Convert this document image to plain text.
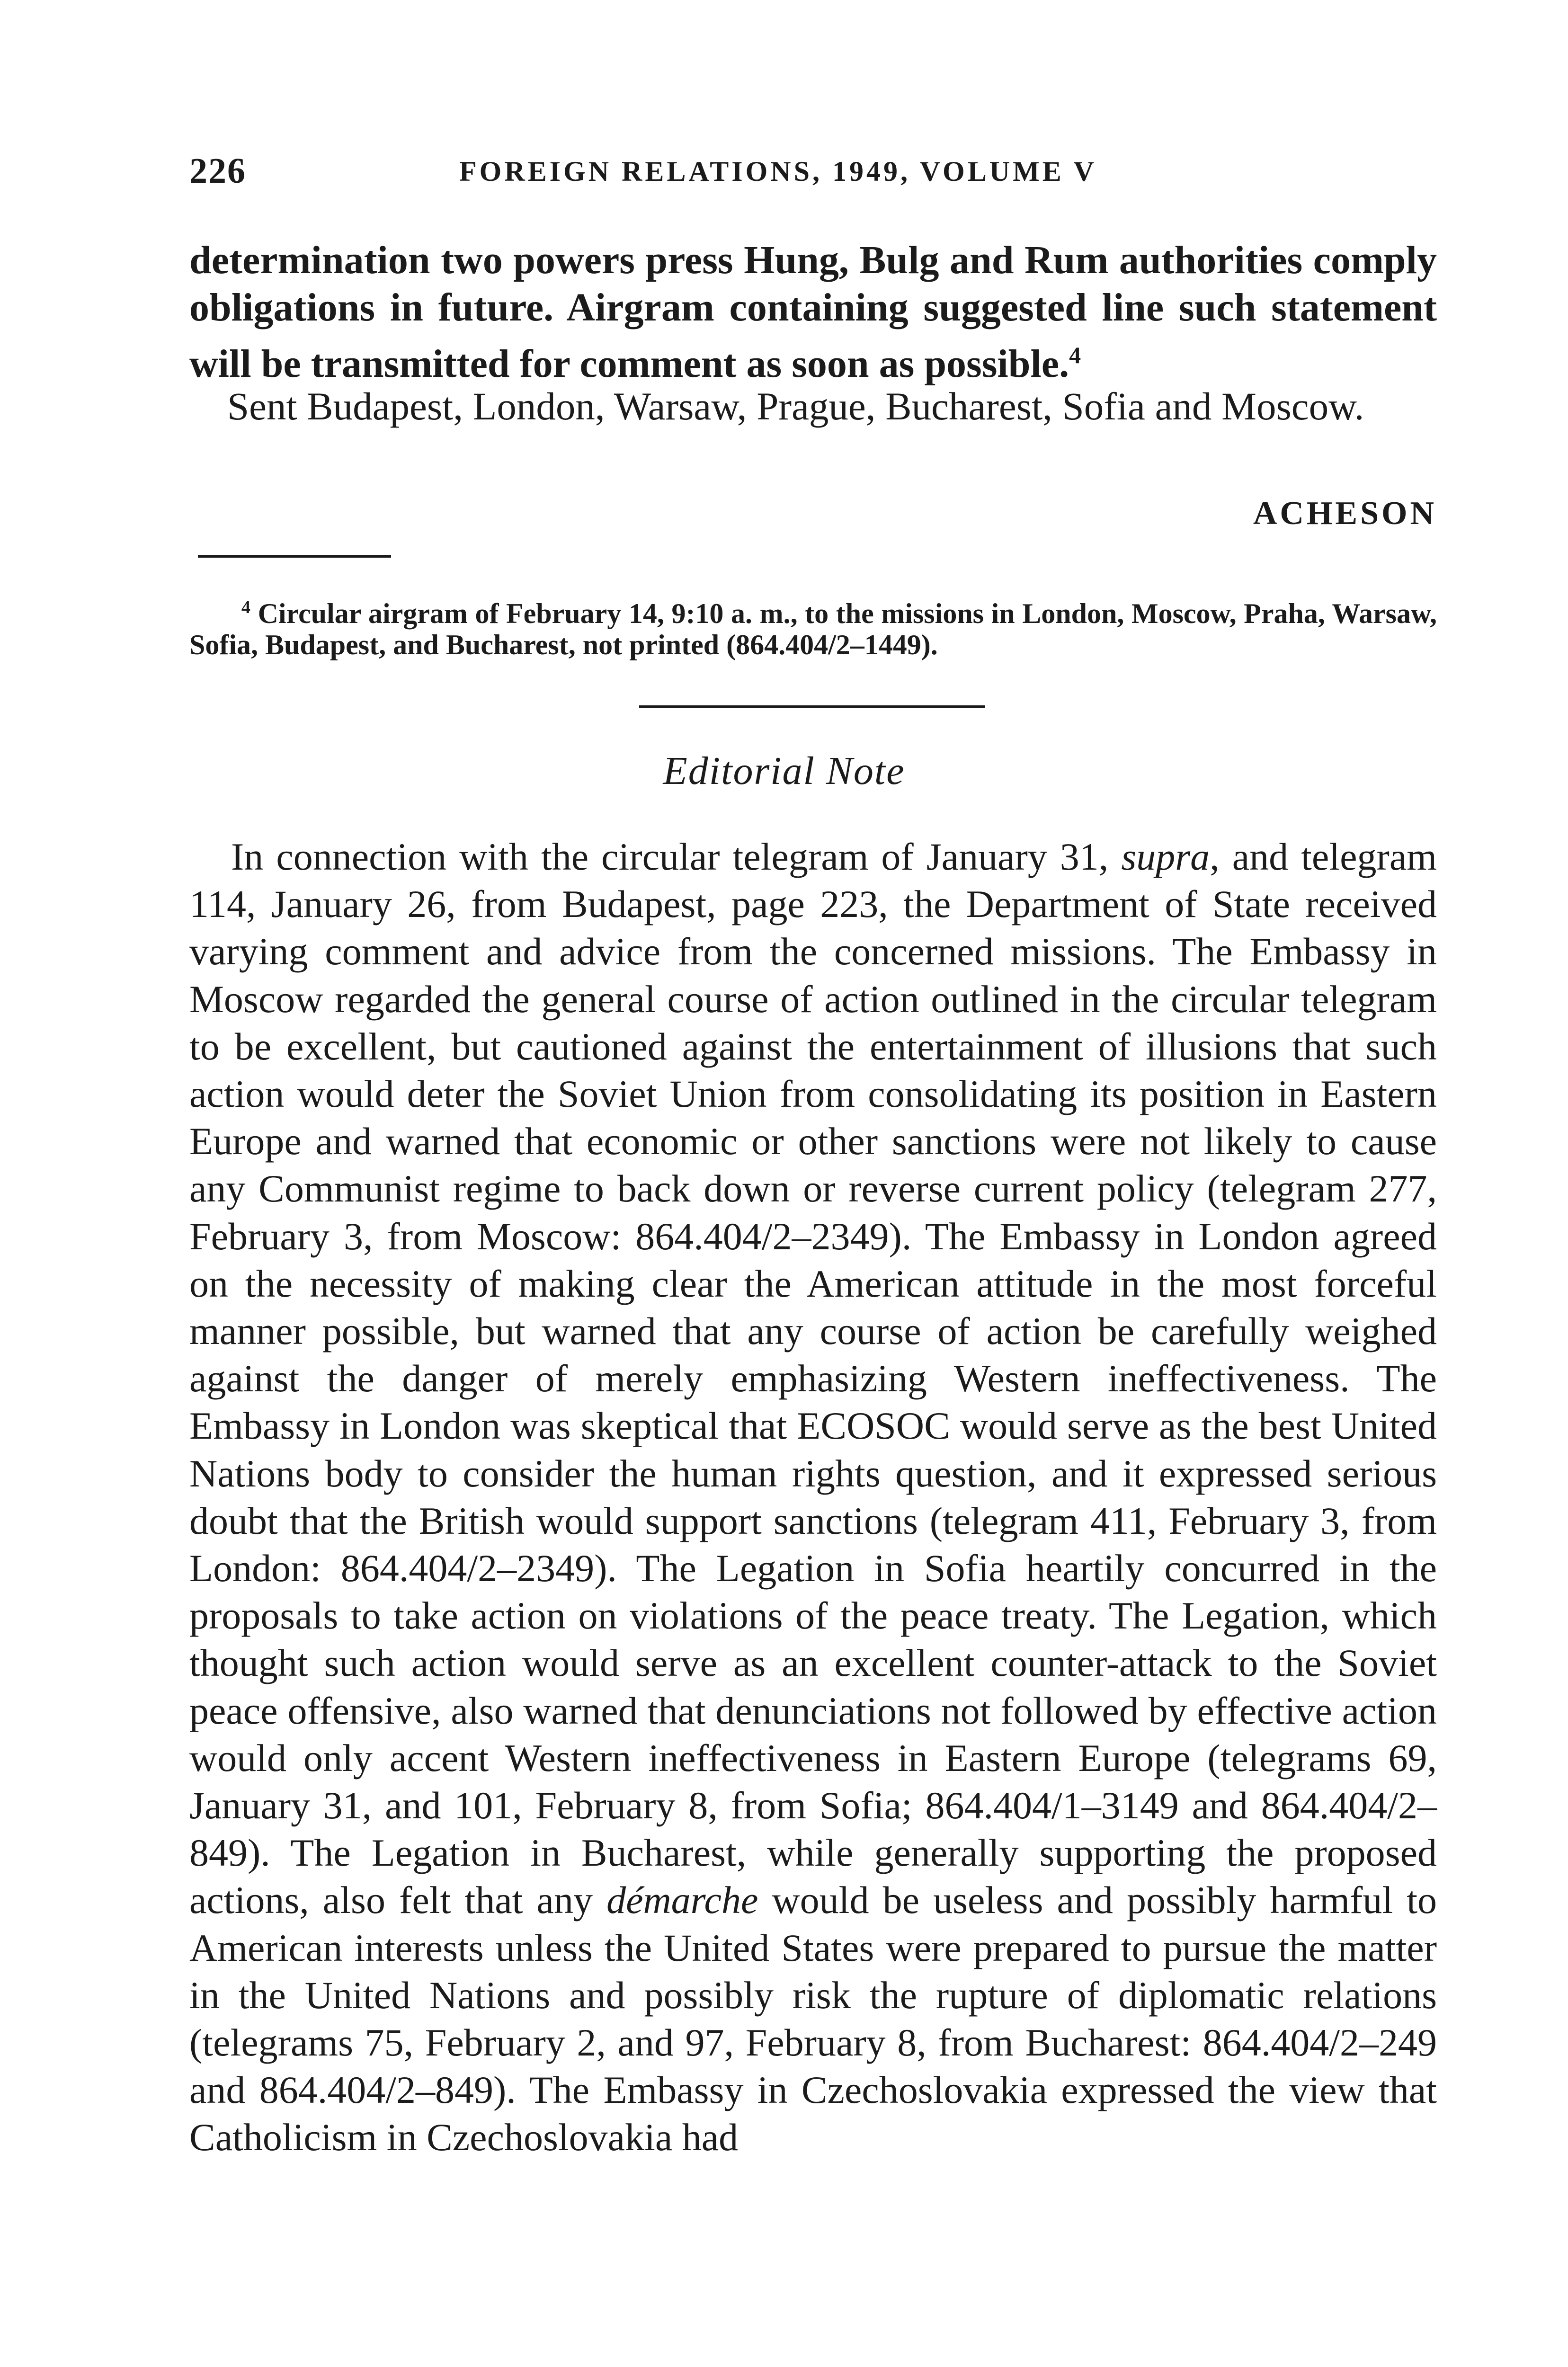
226	FOREIGN RELATIONS, 1949, VOLUME V
determination two powers press Hung, Bulg and Rum authorities comply obligations in future. Airgram containing suggested line such statement will be transmitted for comment as soon as possible.$^4$
Sent Budapest, London, Warsaw, Prague, Bucharest, Sofia and Moscow.
ACHESON
$^4$ Circular airgram of February 14, 9:10 a. m., to the missions in London, Moscow, Praha, Warsaw, Sofia, Budapest, and Bucharest, not printed (864.404/2–1449).
Editorial Note
In connection with the circular telegram of January 31, supra, and telegram 114, January 26, from Budapest, page 223, the Department of State received varying comment and advice from the concerned missions. The Embassy in Moscow regarded the general course of action outlined in the circular telegram to be excellent, but cautioned against the entertainment of illusions that such action would deter the Soviet Union from consolidating its position in Eastern Europe and warned that economic or other sanctions were not likely to cause any Communist regime to back down or reverse current policy (telegram 277, February 3, from Moscow: 864.404/2–2349). The Embassy in London agreed on the necessity of making clear the American attitude in the most forceful manner possible, but warned that any course of action be carefully weighed against the danger of merely emphasizing Western ineffectiveness. The Embassy in London was skeptical that ECOSOC would serve as the best United Nations body to consider the human rights question, and it expressed serious doubt that the British would support sanctions (telegram 411, February 3, from London: 864.404/2–2349). The Legation in Sofia heartily concurred in the proposals to take action on violations of the peace treaty. The Legation, which thought such action would serve as an excellent counter-attack to the Soviet peace offensive, also warned that denunciations not followed by effective action would only accent Western ineffectiveness in Eastern Europe (telegrams 69, January 31, and 101, February 8, from Sofia; 864.404/1–3149 and 864.404/2–849). The Legation in Bucharest, while generally supporting the proposed actions, also felt that any démarche would be useless and possibly harmful to American interests unless the United States were prepared to pursue the matter in the United Nations and possibly risk the rupture of diplomatic relations (telegrams 75, February 2, and 97, February 8, from Bucharest: 864.404/2–249 and 864.404/2–849). The Embassy in Czechoslovakia expressed the view that Catholicism in Czechoslovakia had
